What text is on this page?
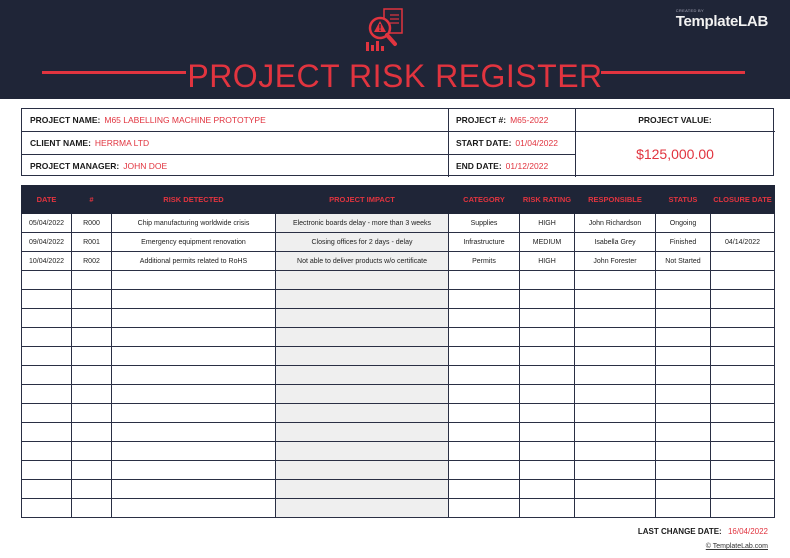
CREATED BY
TemplateLAB
PROJECT RISK REGISTER
PROJECT NAME: M65 LABELLING MACHINE PROTOTYPE
CLIENT NAME: HERRMA LTD
PROJECT MANAGER: JOHN DOE
PROJECT #: M65-2022
START DATE: 01/04/2022
END DATE: 01/12/2022
PROJECT VALUE:
$125,000.00
DATE	#	RISK DETECTED	PROJECT IMPACT	CATEGORY	RISK RATING	RESPONSIBLE	STATUS	CLOSURE DATE
05/04/2022	R000	Chip manufacturing worldwide crisis	Electronic boards delay - more than 3 weeks	Supplies	HIGH	John Richardson	Ongoing	
09/04/2022	R001	Emergency equipment renovation	Closing offices for 2 days - delay	Infrastructure	MEDIUM	Isabella Grey	Finished	04/14/2022
10/04/2022	R002	Additional permits related to RoHS	Not able to deliver products w/o certificate	Permits	HIGH	John Forester	Not Started	

LAST CHANGE DATE: 16/04/2022
© TemplateLab.com
